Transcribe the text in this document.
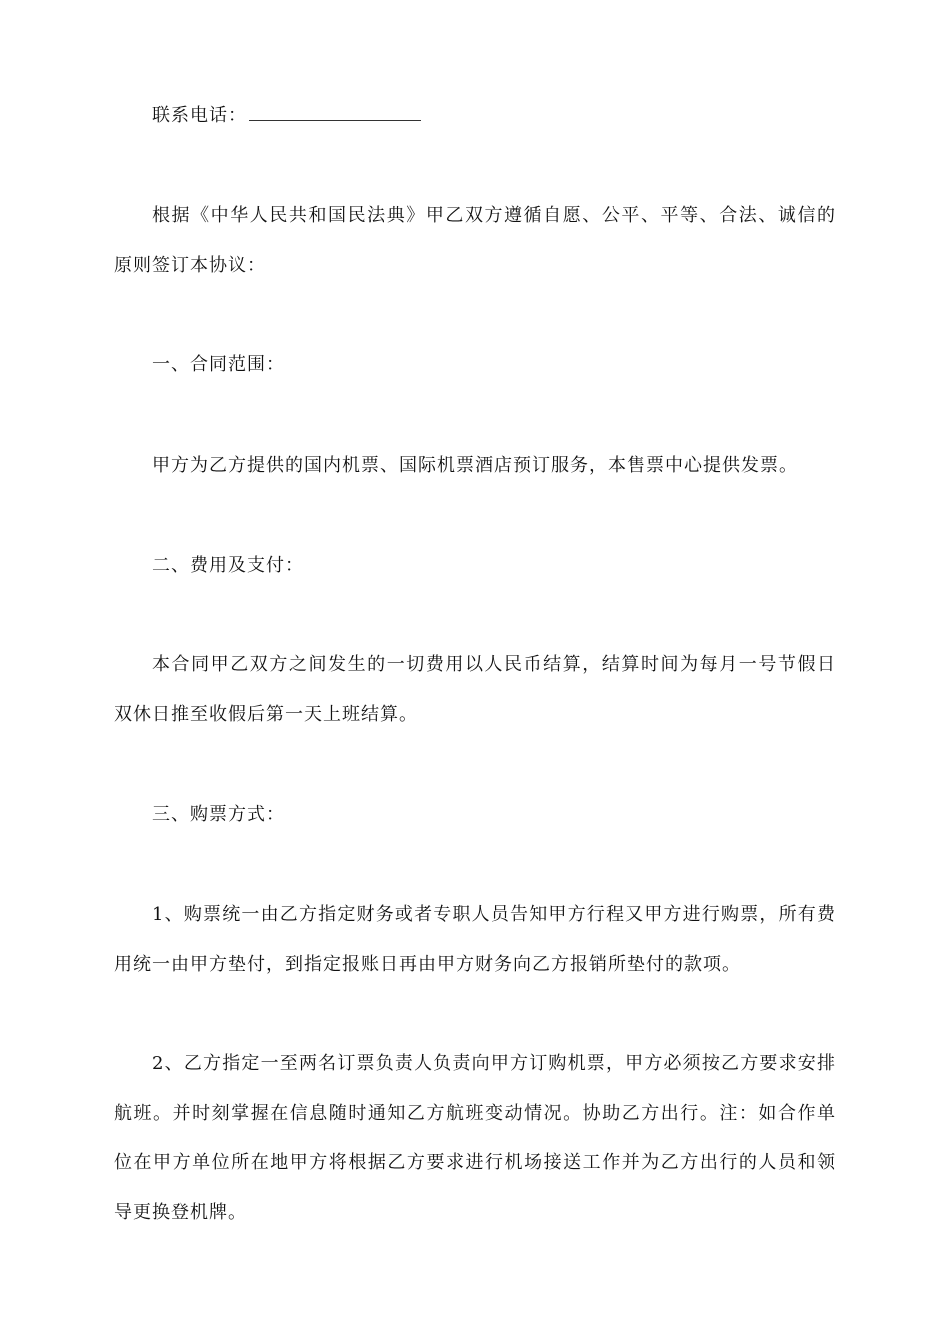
联系电话：
根据《中华人民共和国民法典》甲乙双方遵循自愿、公平、平等、合法、诚信的
原则签订本协议：
一、合同范围：
甲方为乙方提供的国内机票、国际机票酒店预订服务，本售票中心提供发票。
二、费用及支付：
本合同甲乙双方之间发生的一切费用以人民币结算，结算时间为每月一号节假日
双休日推至收假后第一天上班结算。
三、购票方式：
1、购票统一由乙方指定财务或者专职人员告知甲方行程又甲方进行购票，所有费
用统一由甲方垫付，到指定报账日再由甲方财务向乙方报销所垫付的款项。
2、乙方指定一至两名订票负责人负责向甲方订购机票，甲方必须按乙方要求安排
航班。并时刻掌握在信息随时通知乙方航班变动情况。协助乙方出行。注：如合作单
位在甲方单位所在地甲方将根据乙方要求进行机场接送工作并为乙方出行的人员和领
导更换登机牌。
